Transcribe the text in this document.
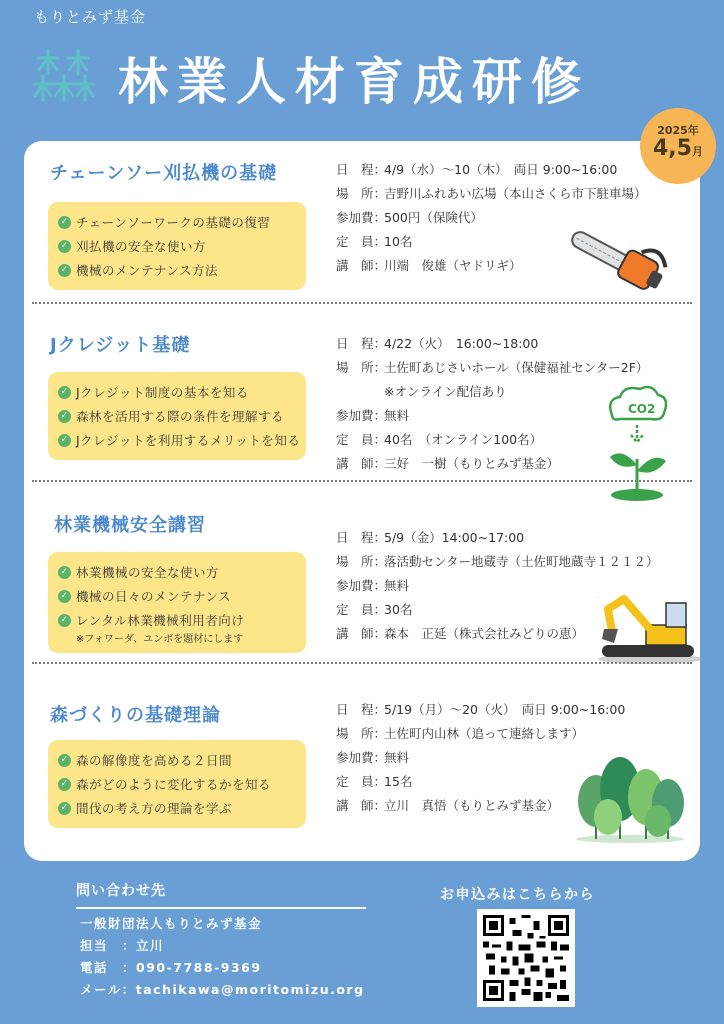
もりとみず基金
林業人材育成研修
2025年
4,5月
チェーンソー刈払機の基礎
✓ チェーンソーワークの基礎の復習
✓ 刈払機の安全な使い方
✓ 機械のメンテナンス方法
日　程：4/9（水）～10（木）　両日 9:00~16:00
場　所：吉野川ふれあい広場（本山さくら市下駐車場）
参加費：500円（保険代）
定　員：10名
講　師：川端　俊雄（ヤドリギ）
Jクレジット基礎
✓ Jクレジット制度の基本を知る
✓ 森林を活用する際の条件を理解する
✓ Jクレジットを利用するメリットを知る
日　程：4/22（火）　16:00~18:00
場　所：土佐町あじさいホール（保健福祉センター2F）
※オンライン配信あり
参加費：無料
定　員：40名　（オンライン100名）
講　師：三好　一樹（もりとみず基金）
CO2
林業機械安全講習
✓ 林業機械の安全な使い方
✓ 機械の日々のメンテナンス
✓ レンタル林業機械利用者向け
※フォワーダ、ユンボを題材にします
日　程：5/9（金）14:00~17:00
場　所：落活動センター地蔵寺（土佐町地蔵寺１２１２）
参加費：無料
定　員：30名
講　師：森本　正延（株式会社みどりの恵）
森づくりの基礎理論
✓ 森の解像度を高める２日間
✓ 森がどのように変化するかを知る
✓ 間伐の考え方の理論を学ぶ
日　程：5/19（月）～20（火）　両日 9:00~16:00
場　所：土佐町内山林（追って連絡します）
参加費：無料
定　員：15名
講　師：立川　真悟（もりとみず基金）
問い合わせ先
一般財団法人もりとみず基金
担当　：立川
電話　：090-7788-9369
メール：tachikawa@moritomizu.org
お申込みはこちらから
